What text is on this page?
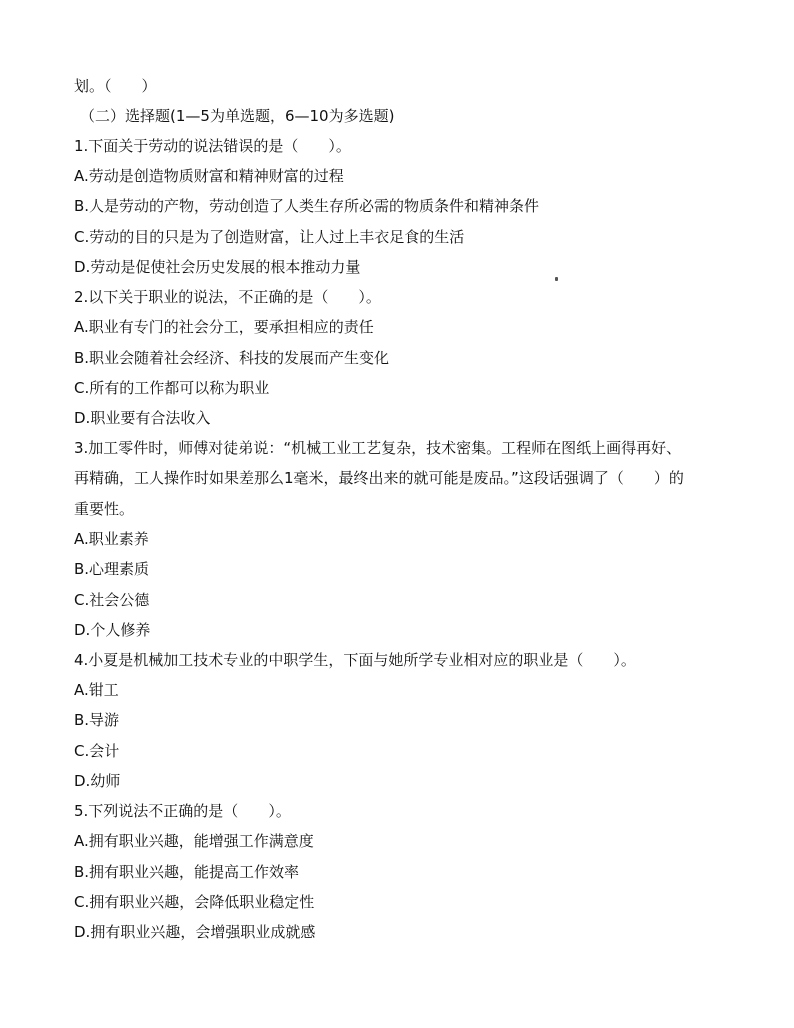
划。（　　）
（二）选择题(1—5为单选题，6—10为多选题)
1.下面关于劳动的说法错误的是（　　）。
A.劳动是创造物质财富和精神财富的过程
B.人是劳动的产物，劳动创造了人类生存所必需的物质条件和精神条件
C.劳动的目的只是为了创造财富，让人过上丰衣足食的生活
D.劳动是促使社会历史发展的根本推动力量
2.以下关于职业的说法，不正确的是（　　）。
A.职业有专门的社会分工，要承担相应的责任
B.职业会随着社会经济、科技的发展而产生变化
C.所有的工作都可以称为职业
D.职业要有合法收入
3.加工零件时，师傅对徒弟说：“机械工业工艺复杂，技术密集。工程师在图纸上画得再好、
再精确，工人操作时如果差那么1毫米，最终出来的就可能是废品。”这段话强调了（　　）的
重要性。
A.职业素养
B.心理素质
C.社会公德
D.个人修养
4.小夏是机械加工技术专业的中职学生，下面与她所学专业相对应的职业是（　　）。
A.钳工
B.导游
C.会计
D.幼师
5.下列说法不正确的是（　　）。
A.拥有职业兴趣，能增强工作满意度
B.拥有职业兴趣，能提高工作效率
C.拥有职业兴趣，会降低职业稳定性
D.拥有职业兴趣，会增强职业成就感
